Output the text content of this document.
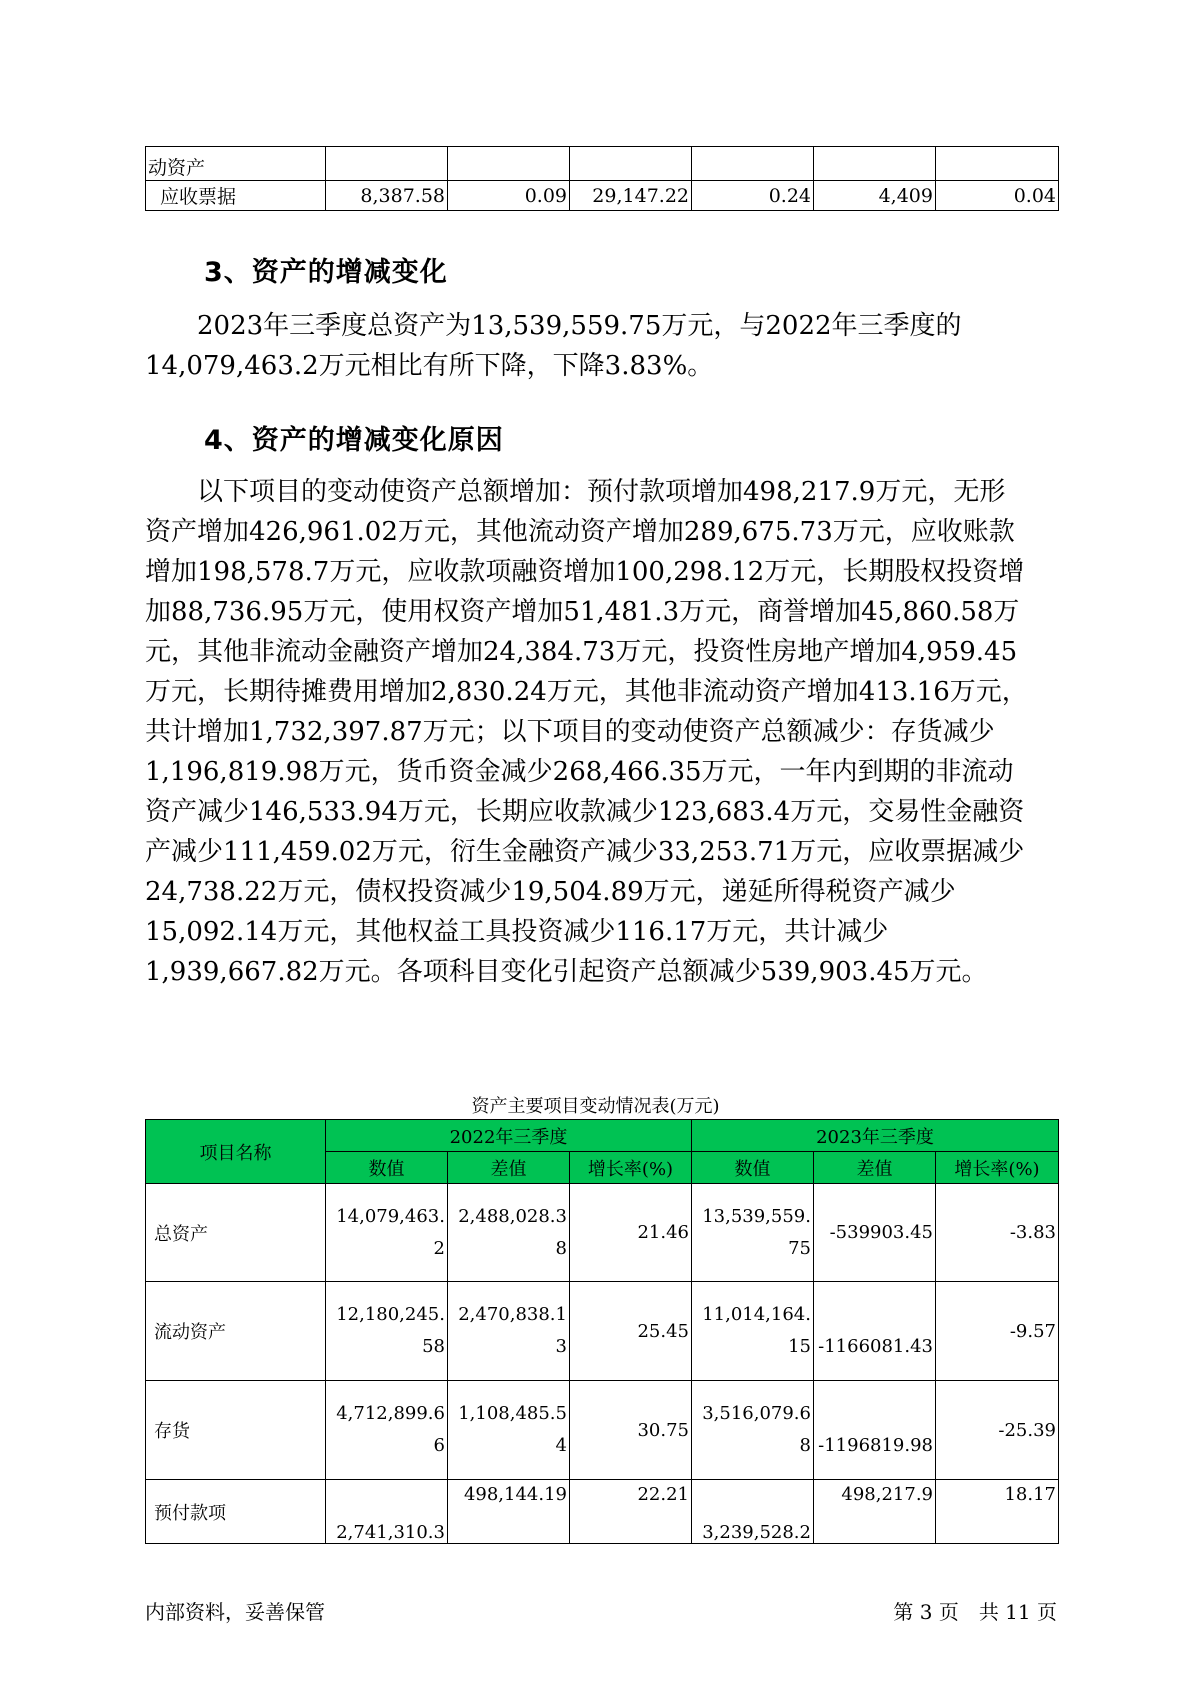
动资产						
应收票据	8,387.58	0.09	29,147.22	0.24	4,409	0.04
3、资产的增减变化
2023年三季度总资产为13,539,559.75万元，与2022年三季度的
14,079,463.2万元相比有所下降，下降3.83%。
4、资产的增减变化原因
以下项目的变动使资产总额增加：预付款项增加498,217.9万元，无形
资产增加426,961.02万元，其他流动资产增加289,675.73万元，应收账款
增加198,578.7万元，应收款项融资增加100,298.12万元，长期股权投资增
加88,736.95万元，使用权资产增加51,481.3万元，商誉增加45,860.58万
元，其他非流动金融资产增加24,384.73万元，投资性房地产增加4,959.45
万元，长期待摊费用增加2,830.24万元，其他非流动资产增加413.16万元，
共计增加1,732,397.87万元；以下项目的变动使资产总额减少：存货减少
1,196,819.98万元，货币资金减少268,466.35万元，一年内到期的非流动
资产减少146,533.94万元，长期应收款减少123,683.4万元，交易性金融资
产减少111,459.02万元，衍生金融资产减少33,253.71万元，应收票据减少
24,738.22万元，债权投资减少19,504.89万元，递延所得税资产减少
15,092.14万元，其他权益工具投资减少116.17万元，共计减少
1,939,667.82万元。各项科目变化引起资产总额减少539,903.45万元。
资产主要项目变动情况表(万元)
项目名称	2022年三季度			2023年三季度		
	数值	差值	增长率(%)	数值	差值	增长率(%)
总资产	14,079,463.2	2,488,028.38	21.46	13,539,559.75	-539903.45	-3.83
流动资产	12,180,245.58	2,470,838.13	25.45	11,014,164.15	-1166081.43	-9.57
存货	4,712,899.66	1,108,485.54	30.75	3,516,079.68	-1196819.98	-25.39
预付款项	2,741,310.3	498,144.19	22.21	3,239,528.2	498,217.9	18.17
内部资料，妥善保管	第 3 页　共 11 页
